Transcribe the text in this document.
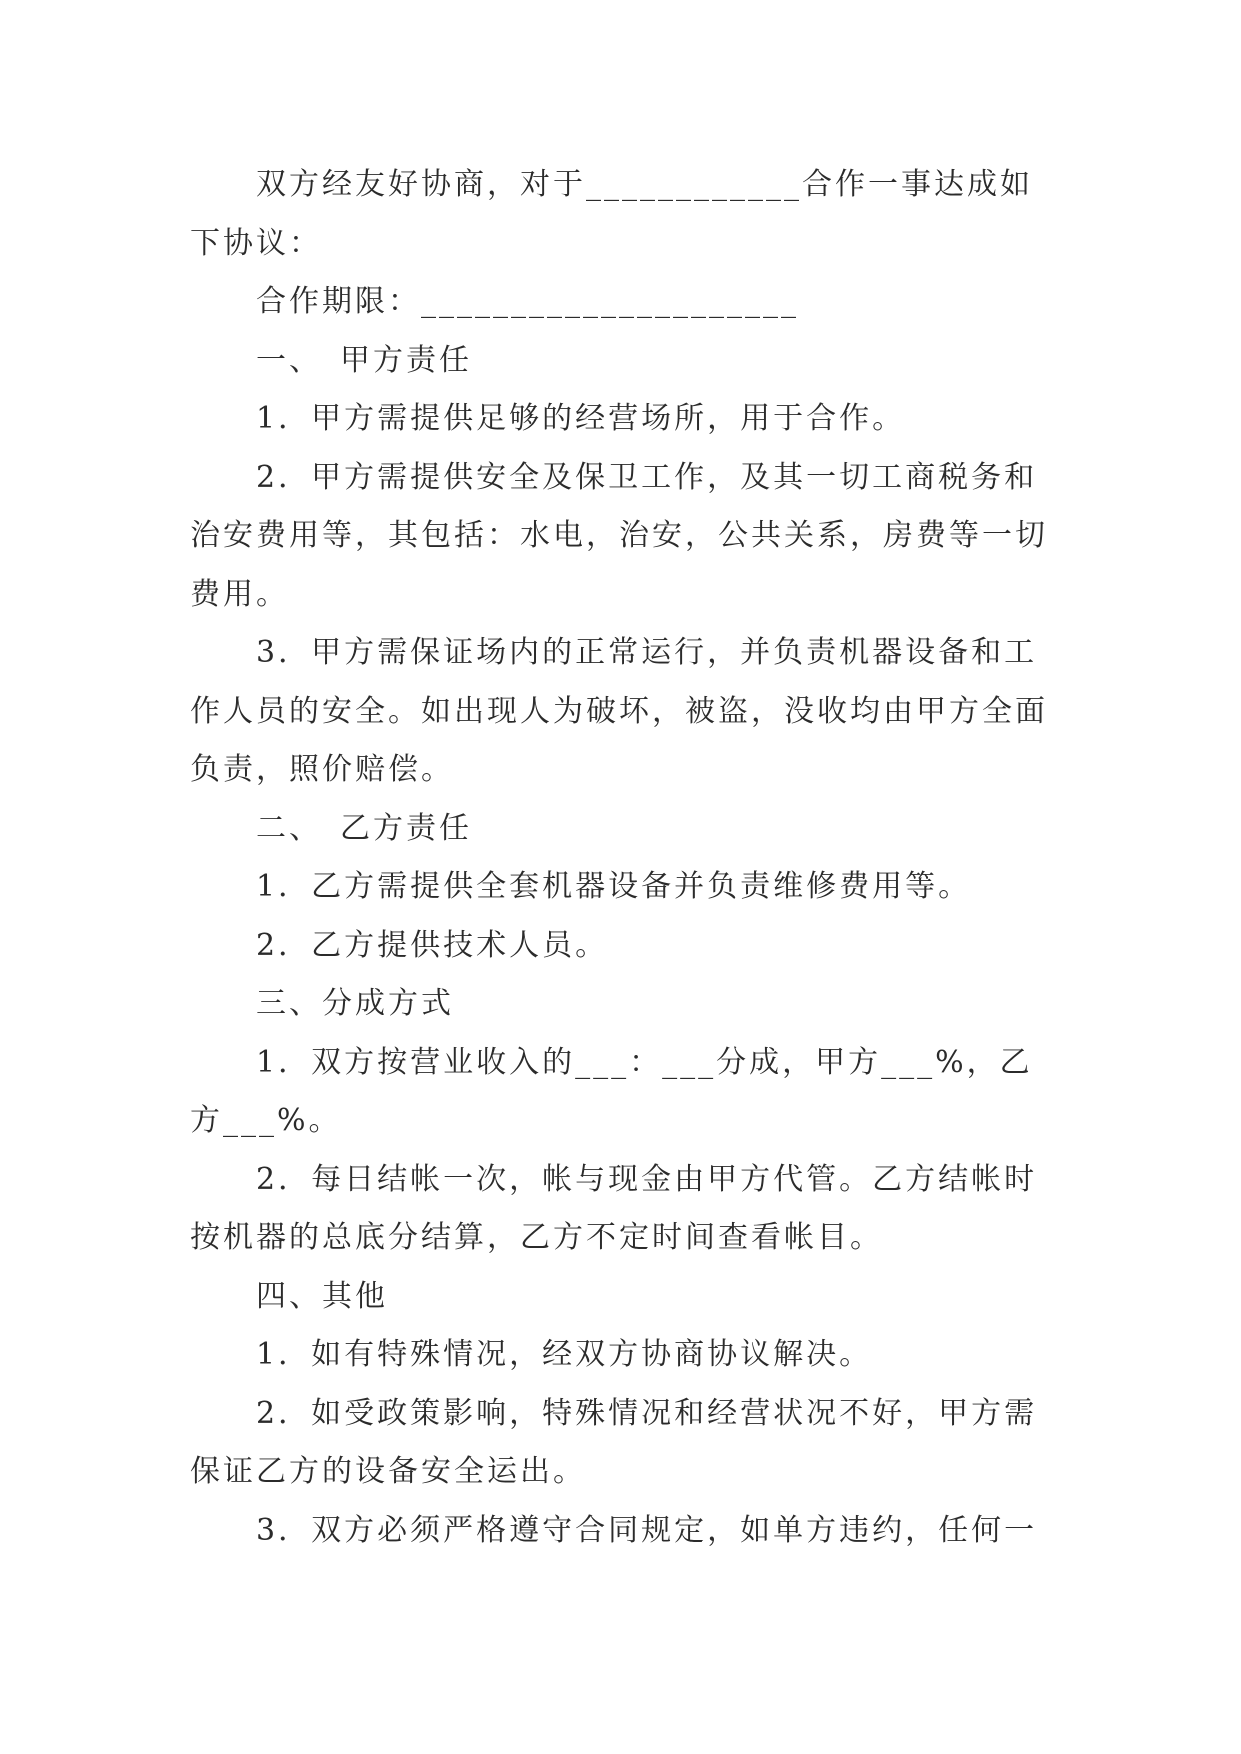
双方经友好协商，对于____________合作一事达成如下协议：

合作期限：_____________________

一、　甲方责任

1．甲方需提供足够的经营场所，用于合作。

2．甲方需提供安全及保卫工作，及其一切工商税务和治安费用等，其包括：水电，治安，公共关系，房费等一切费用。

3．甲方需保证场内的正常运行，并负责机器设备和工作人员的安全。如出现人为破坏，被盗，没收均由甲方全面负责，照价赔偿。

二、　乙方责任

1．乙方需提供全套机器设备并负责维修费用等。

2．乙方提供技术人员。

三、分成方式

1．双方按营业收入的___：___分成，甲方___%，乙方___%。

2．每日结帐一次，帐与现金由甲方代管。乙方结帐时按机器的总底分结算，乙方不定时间查看帐目。

四、其他

1．如有特殊情况，经双方协商协议解决。

2．如受政策影响，特殊情况和经营状况不好，甲方需保证乙方的设备安全运出。

3．双方必须严格遵守合同规定，如单方违约，任何一
